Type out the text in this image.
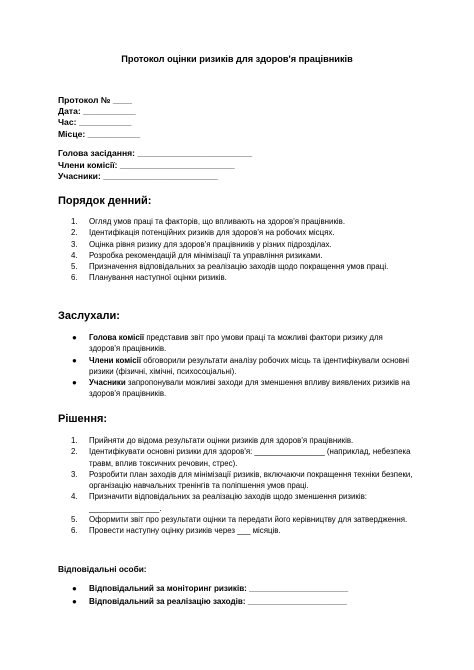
Протокол оцінки ризиків для здоров'я працівників
Протокол № ____
Дата: ___________
Час: ___________
Місце: ___________
Голова засідання: ________________________
Члени комісії: ________________________
Учасники: ________________________
Порядок денний:
1. Огляд умов праці та факторів, що впливають на здоров'я працівників.
2. Ідентифікація потенційних ризиків для здоров'я на робочих місцях.
3. Оцінка рівня ризику для здоров'я працівників у різних підрозділах.
4. Розробка рекомендацій для мінімізації та управління ризиками.
5. Призначення відповідальних за реалізацію заходів щодо покращення умов праці.
6. Планування наступної оцінки ризиків.
Заслухали:
● Голова комісії представив звіт про умови праці та можливі фактори ризику для здоров'я працівників.
● Члени комісії обговорили результати аналізу робочих місць та ідентифікували основні ризики (фізичні, хімічні, психосоціальні).
● Учасники запропонували можливі заходи для зменшення впливу виявлених ризиків на здоров'я працівників.
Рішення:
1. Прийняти до відома результати оцінки ризиків для здоров'я працівників.
2. Ідентифікувати основні ризики для здоров'я: ________________ (наприклад, небезпека травм, вплив токсичних речовин, стрес).
3. Розробити план заходів для мінімізації ризиків, включаючи покращення техніки безпеки, організацію навчальних тренінгів та поліпшення умов праці.
4. Призначити відповідальних за реалізацію заходів щодо зменшення ризиків: ________________.
5. Оформити звіт про результати оцінки та передати його керівництву для затвердження.
6. Провести наступну оцінку ризиків через ___ місяців.
Відповідальні особи:
● Відповідальний за моніторинг ризиків: ______________________
● Відповідальний за реалізацію заходів: ______________________
